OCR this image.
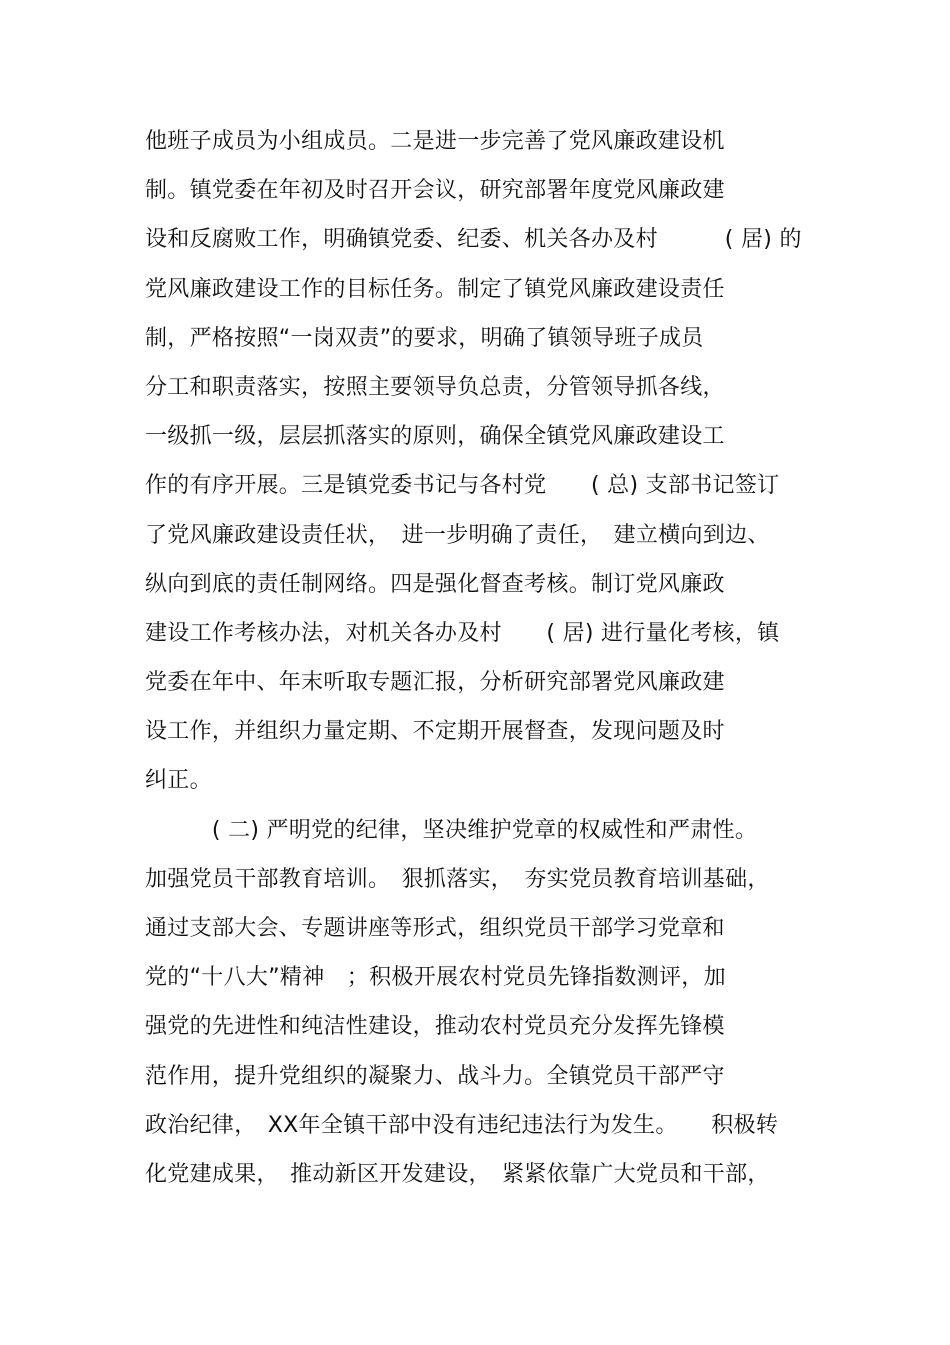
他班子成员为小组成员。二是进一步完善了党风廉政建设机
制。镇党委在年初及时召开会议，研究部署年度党风廉政建
设和反腐败工作，明确镇党委、纪委、机关各办及村　　　( 居) 的
党风廉政建设工作的目标任务。制定了镇党风廉政建设责任
制，严格按照“一岗双责”的要求，明确了镇领导班子成员
分工和职责落实，按照主要领导负总责，分管领导抓各线，
一级抓一级，层层抓落实的原则，确保全镇党风廉政建设工
作的有序开展。三是镇党委书记与各村党　　( 总) 支部书记签订
了党风廉政建设责任状，　进一步明确了责任，　建立横向到边、
纵向到底的责任制网络。四是强化督查考核。制订党风廉政
建设工作考核办法，对机关各办及村　　( 居) 进行量化考核，镇
党委在年中、年末听取专题汇报，分析研究部署党风廉政建
设工作，并组织力量定期、不定期开展督查，发现问题及时
纠正。
　　　( 二) 严明党的纪律，坚决维护党章的权威性和严肃性。
加强党员干部教育培训。　狠抓落实，　夯实党员教育培训基础，
通过支部大会、专题讲座等形式，组织党员干部学习党章和
党的“十八大”精神　；积极开展农村党员先锋指数测评，加
强党的先进性和纯洁性建设，推动农村党员充分发挥先锋模
范作用，提升党组织的凝聚力、战斗力。全镇党员干部严守
政治纪律，　XX年全镇干部中没有违纪违法行为发生。　　积极转
化党建成果，　推动新区开发建设，　紧紧依靠广大党员和干部，
